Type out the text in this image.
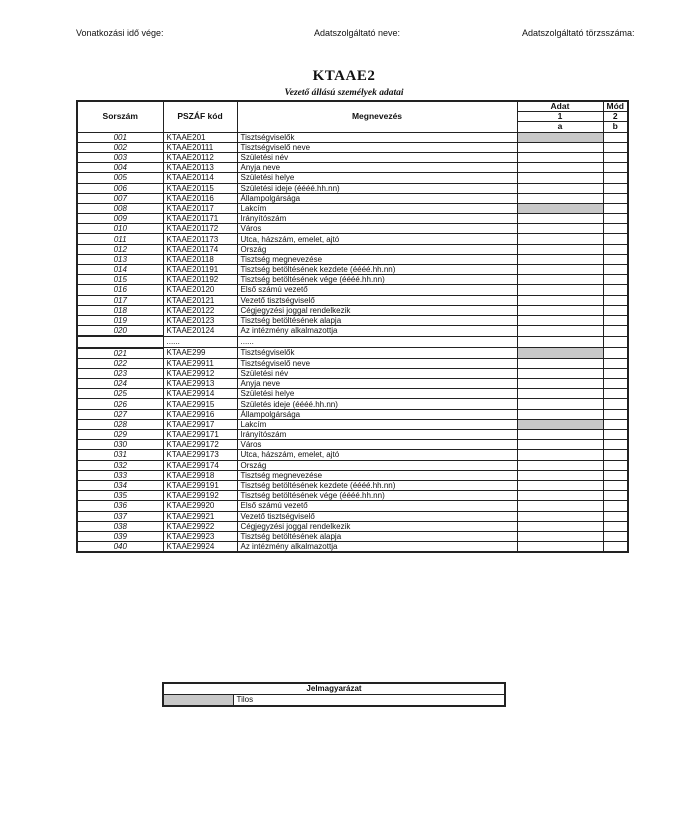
Vonatkozási idő vége:	Adatszolgáltató neve:	Adatszolgáltató törzsszáma:
KTAAE2
Vezető állású személyek adatai
Sorszám	PSZÁF kód	Megnevezés	Adat	Mód
			1	2
			a	b
001	KTAAE201	Tisztségviselők		
002	KTAAE20111	Tisztségviselő neve		
003	KTAAE20112	Születési név		
004	KTAAE20113	Anyja neve		
005	KTAAE20114	Születési helye		
006	KTAAE20115	Születési ideje (éééé.hh.nn)		
007	KTAAE20116	Állampolgársága		
008	KTAAE20117	Lakcím		
009	KTAAE201171	Irányítószám		
010	KTAAE201172	Város		
011	KTAAE201173	Utca, házszám, emelet, ajtó		
012	KTAAE201174	Ország		
013	KTAAE20118	Tisztség megnevezése		
014	KTAAE201191	Tisztség betöltésének kezdete (éééé.hh.nn)		
015	KTAAE201192	Tisztség betöltésének vége (éééé.hh.nn)		
016	KTAAE20120	Első számú vezető		
017	KTAAE20121	Vezető tisztségviselő		
018	KTAAE20122	Cégjegyzési joggal rendelkezik		
019	KTAAE20123	Tisztség betöltésének alapja		
020	KTAAE20124	Az intézmény alkalmazottja		
	......	......		
021	KTAAE299	Tisztségviselők		
022	KTAAE29911	Tisztségviselő neve		
023	KTAAE29912	Születési név		
024	KTAAE29913	Anyja neve		
025	KTAAE29914	Születési helye		
026	KTAAE29915	Születés ideje (éééé.hh.nn)		
027	KTAAE29916	Állampolgársága		
028	KTAAE29917	Lakcím		
029	KTAAE299171	Irányítószám		
030	KTAAE299172	Város		
031	KTAAE299173	Utca, házszám, emelet, ajtó		
032	KTAAE299174	Ország		
033	KTAAE29918	Tisztség megnevezése		
034	KTAAE299191	Tisztség betöltésének kezdete (éééé.hh.nn)		
035	KTAAE299192	Tisztség betöltésének vége (éééé.hh.nn)		
036	KTAAE29920	Első számú vezető		
037	KTAAE29921	Vezető tisztségviselő		
038	KTAAE29922	Cégjegyzési joggal rendelkezik		
039	KTAAE29923	Tisztség betöltésének alapja		
040	KTAAE29924	Az intézmény alkalmazottja		
Jelmagyarázat
	Tilos
